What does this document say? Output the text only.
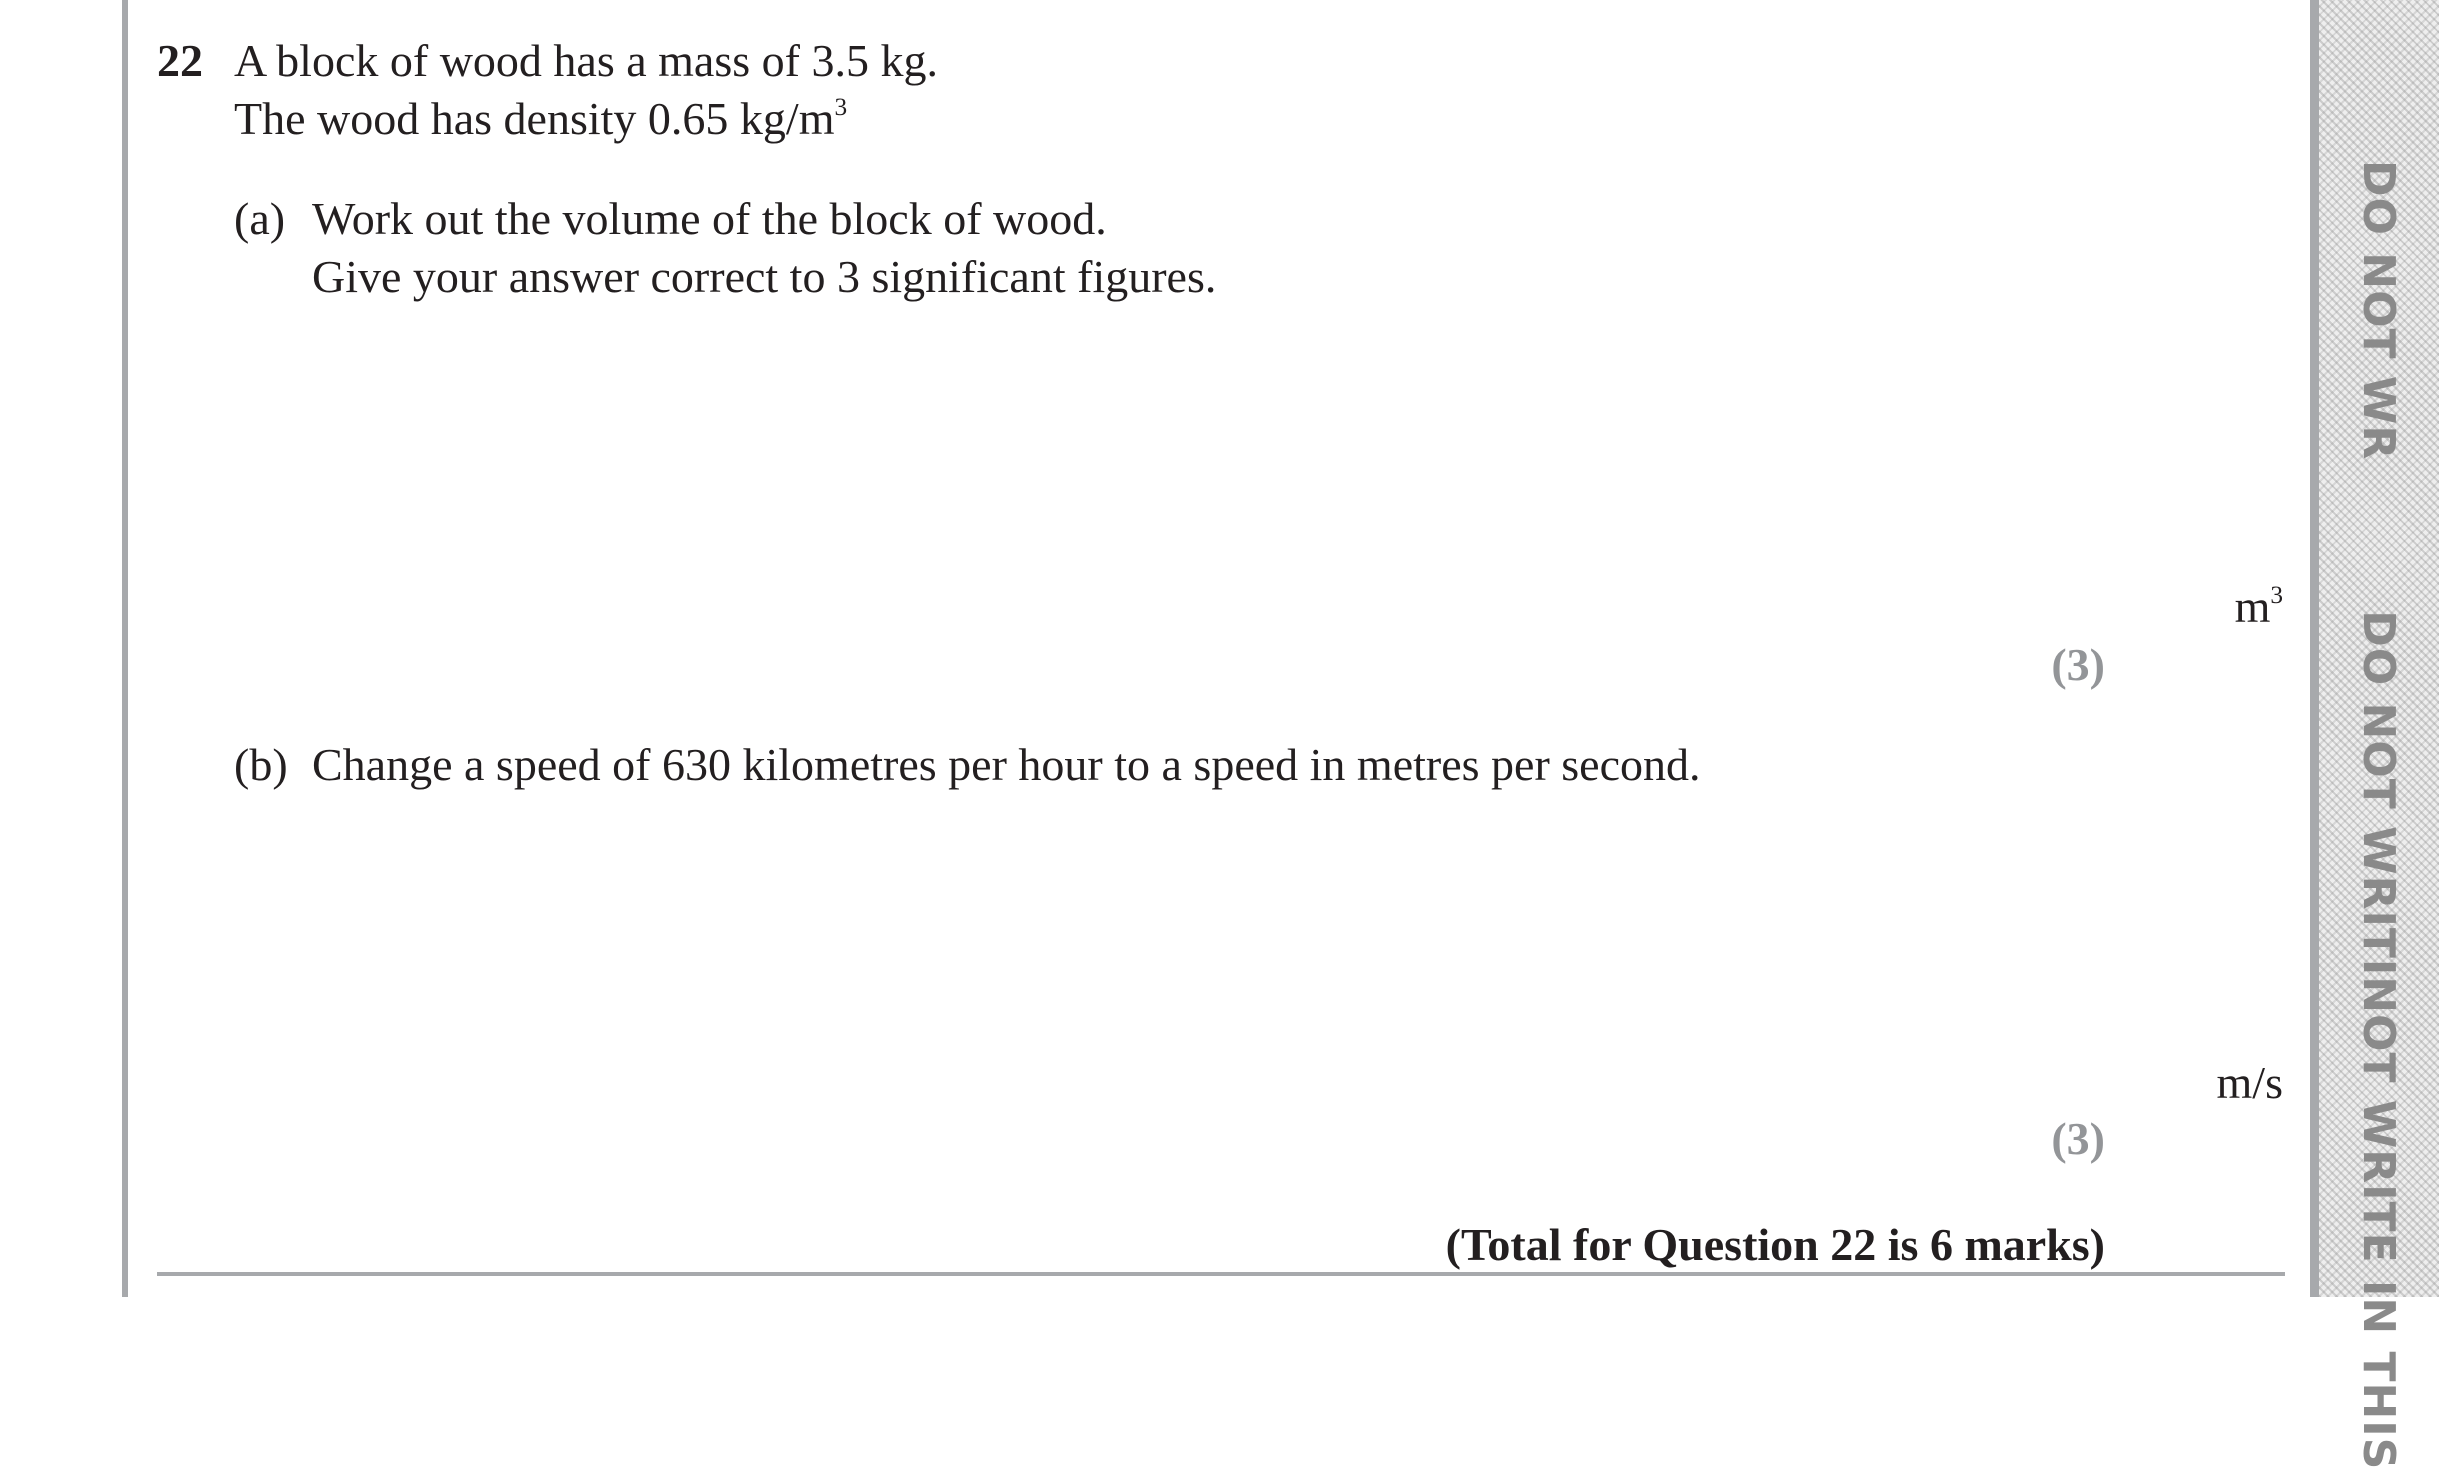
DO NOT WR
DO NOT WRITINOT WRITE IN THIS
22 A block of wood has a mass of 3.5 kg.
The wood has density 0.65 $kg/m^3$
(a) Work out the volume of the block of wood.
Give your answer correct to 3 significant figures.
$m^3$
(3)
(b) Change a speed of 630 kilometres per hour to a speed in metres per second.
m/s
(3)
(Total for Question 22 is 6 marks)
